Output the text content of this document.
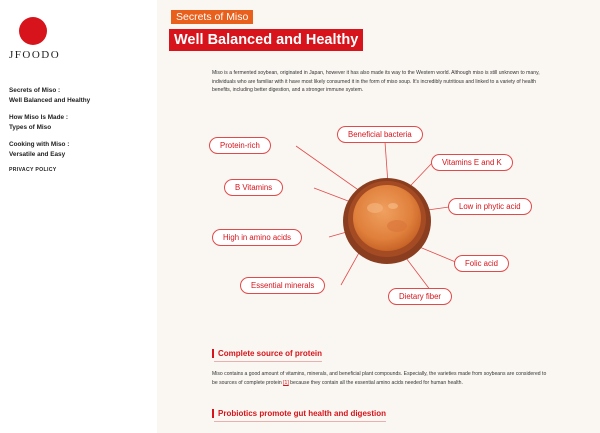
JFOODO
Secrets of Miso :
Well Balanced and Healthy
How Miso Is Made :
Types of Miso
Cooking with Miso :
Versatile and Easy
PRIVACY POLICY
Secrets of Miso
Well Balanced and Healthy

Miso is a fermented soybean, originated in Japan, however it has also made its way to the Western world. Although miso is still unknown to many, individuals who are familiar with it have most likely consumed it in the form of miso soup. It's incredibly nutritious and linked to a variety of health benefits, including better digestion, and a stronger immune system.

Protein-rich
Beneficial bacteria
Vitamins E and K
B Vitamins
Low in phytic acid
High in amino acids
Folic acid
Essential minerals
Dietary fiber
Complete source of protein

Miso contains a good amount of vitamins, minerals, and beneficial plant compounds. Especially, the varieties made from soybeans are considered to be sources of complete protein [1] because they contain all the essential amino acids needed for human health.

Probiotics promote gut health and digestion
